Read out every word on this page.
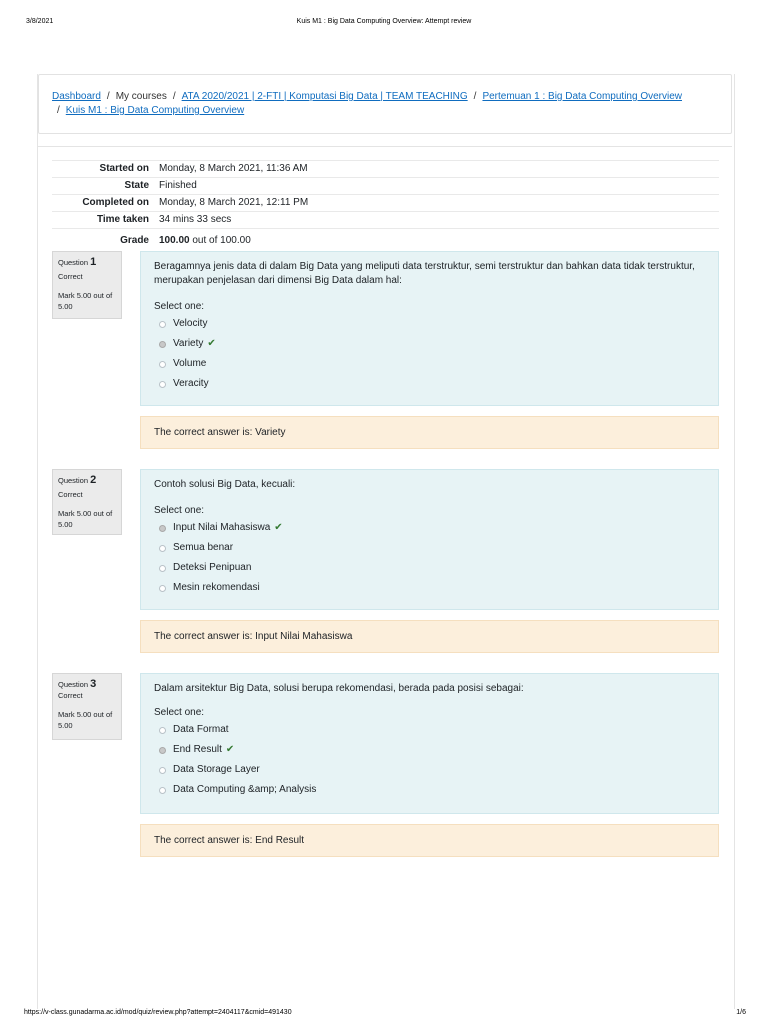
3/8/2021	Kuis M1 : Big Data Computing Overview: Attempt review
Dashboard / My courses / ATA 2020/2021 | 2-FTI | Komputasi Big Data | TEAM TEACHING / Pertemuan 1 : Big Data Computing Overview
/ Kuis M1 : Big Data Computing Overview
Started on	Monday, 8 March 2021, 11:36 AM
State	Finished
Completed on	Monday, 8 March 2021, 12:11 PM
Time taken	34 mins 33 secs
Grade	100.00 out of 100.00
Question 1
Correct
Mark 5.00 out of 5.00
Beragamnya jenis data di dalam Big Data yang meliputi data terstruktur, semi terstruktur dan bahkan data tidak terstruktur, merupakan penjelasan dari dimensi Big Data dalam hal:
Select one:
Velocity
Variety ✔
Volume
Veracity
The correct answer is: Variety
Question 2
Correct
Mark 5.00 out of 5.00
Contoh solusi Big Data, kecuali:
Select one:
Input Nilai Mahasiswa ✔
Semua benar
Deteksi Penipuan
Mesin rekomendasi
The correct answer is: Input Nilai Mahasiswa
Question 3
Correct
Mark 5.00 out of 5.00
Dalam arsitektur Big Data, solusi berupa rekomendasi, berada pada posisi sebagai:
Select one:
Data Format
End Result ✔
Data Storage Layer
Data Computing &amp; Analysis
The correct answer is: End Result
https://v-class.gunadarma.ac.id/mod/quiz/review.php?attempt=2404117&cmid=491430	1/6
